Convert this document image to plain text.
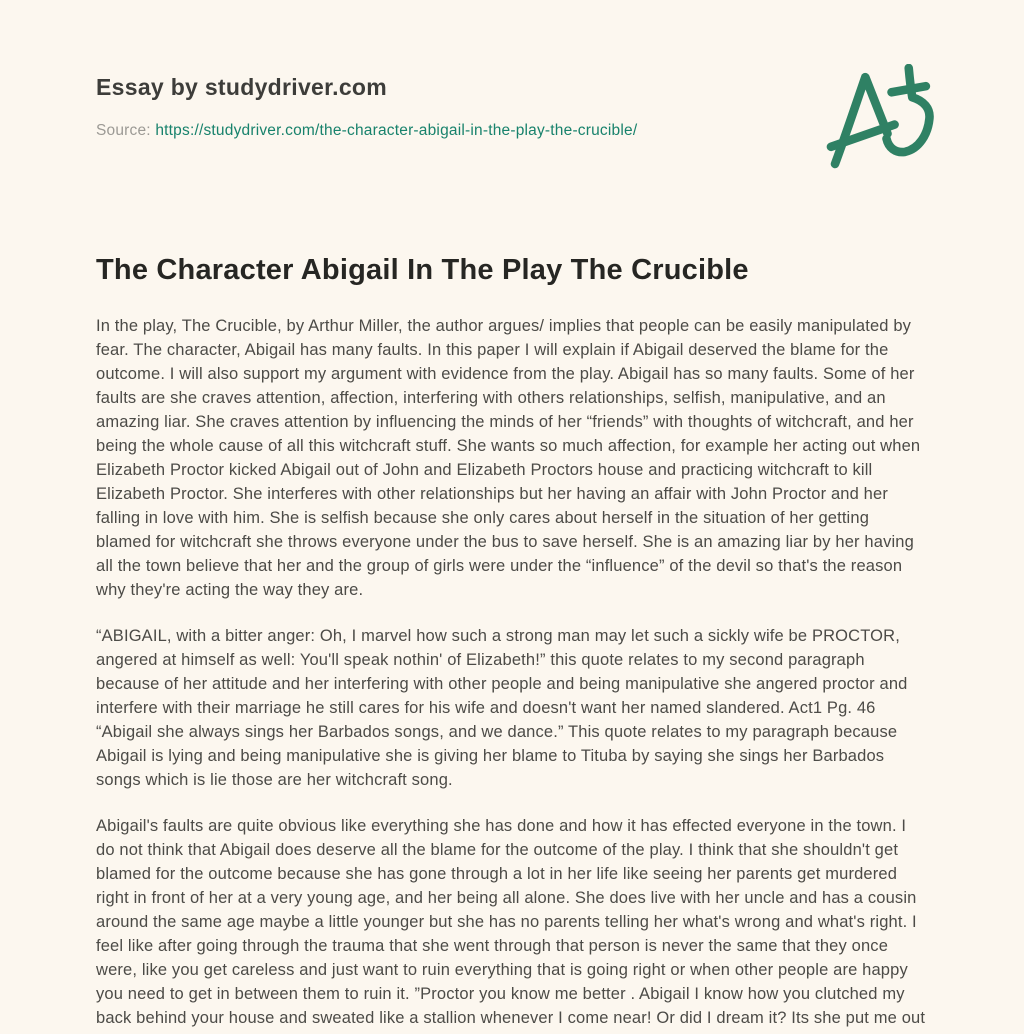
Essay by studydriver.com
Source: https://studydriver.com/the-character-abigail-in-the-play-the-crucible/
The Character Abigail In The Play The Crucible

In the play, The Crucible, by Arthur Miller, the author argues/ implies that people can be easily manipulated by fear. The character, Abigail has many faults. In this paper I will explain if Abigail deserved the blame for the outcome. I will also support my argument with evidence from the play. Abigail has so many faults. Some of her faults are she craves attention, affection, interfering with others relationships, selfish, manipulative, and an amazing liar. She craves attention by influencing the minds of her “friends” with thoughts of witchcraft, and her being the whole cause of all this witchcraft stuff. She wants so much affection, for example her acting out when Elizabeth Proctor kicked Abigail out of John and Elizabeth Proctors house and practicing witchcraft to kill Elizabeth Proctor. She interferes with other relationships but her having an affair with John Proctor and her falling in love with him. She is selfish because she only cares about herself in the situation of her getting blamed for witchcraft she throws everyone under the bus to save herself. She is an amazing liar by her having all the town believe that her and the group of girls were under the “influence” of the devil so that's the reason why they're acting the way they are.

“ABIGAIL, with a bitter anger: Oh, I marvel how such a strong man may let such a sickly wife be PROCTOR, angered at himself as well: You'll speak nothin' of Elizabeth!” this quote relates to my second paragraph because of her attitude and her interfering with other people and being manipulative she angered proctor and interfere with their marriage he still cares for his wife and doesn't want her named slandered. Act1 Pg. 46 “Abigail she always sings her Barbados songs, and we dance.” This quote relates to my paragraph because Abigail is lying and being manipulative she is giving her blame to Tituba by saying she sings her Barbados songs which is lie those are her witchcraft song.

Abigail's faults are quite obvious like everything she has done and how it has effected everyone in the town. I do not think that Abigail does deserve all the blame for the outcome of the play. I think that she shouldn't get blamed for the outcome because she has gone through a lot in her life like seeing her parents get murdered right in front of her at a very young age, and her being all alone. She does live with her uncle and has a cousin around the same age maybe a little younger but she has no parents telling her what's wrong and what's right. I feel like after going through the trauma that she went through that person is never the same that they once were, like you get careless and just want to ruin everything that is going right or when other people are happy you need to get in between them to ruin it. ”Proctor you know me better . Abigail I know how you clutched my back behind your house and sweated like a stallion whenever I come near! Or did I dream it? Its she put me out
